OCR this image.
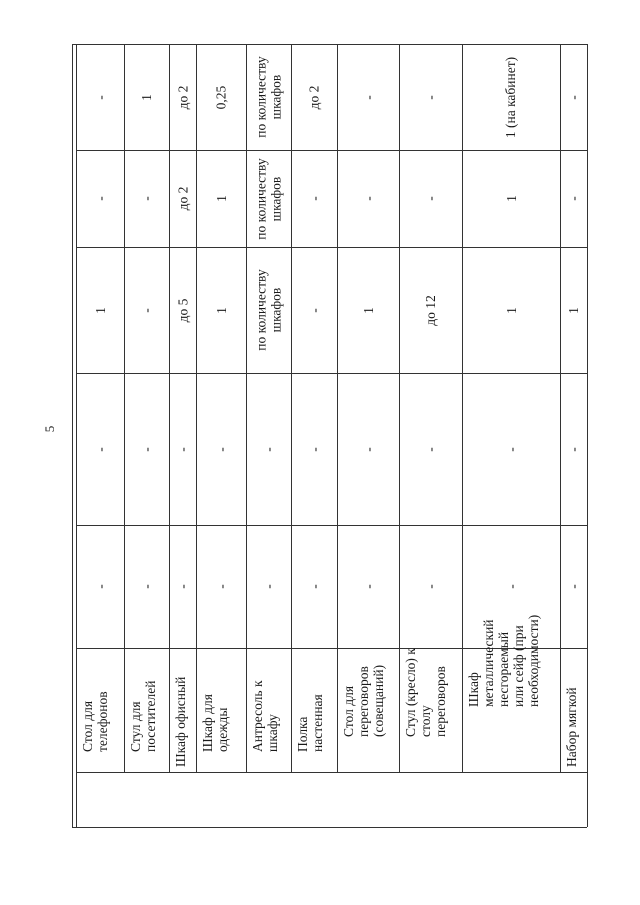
5
-
-
1
-
-
Стол для
телефонов
1
-
-
-
-
Стул для
посетителей
до 2
до 2
до 5
-
-
Шкаф офисный
0,25
1
1
-
-
Шкаф для
одежды
по количеству
шкафов
по количеству
шкафов
по количеству
шкафов
-
-
Антресоль к
шкафу
до 2
-
-
-
-
Полка
настенная
-
-
1
-
-
Стол для
переговоров
(совещаний)
-
-
до 12
-
-
Стул (кресло) к
столу
переговоров
1 (на кабинет)
1
1
-
-
Шкаф
металлический
несгораемый
или сейф (при
необходимости)
-
-
1
-
-
Набор мягкой
